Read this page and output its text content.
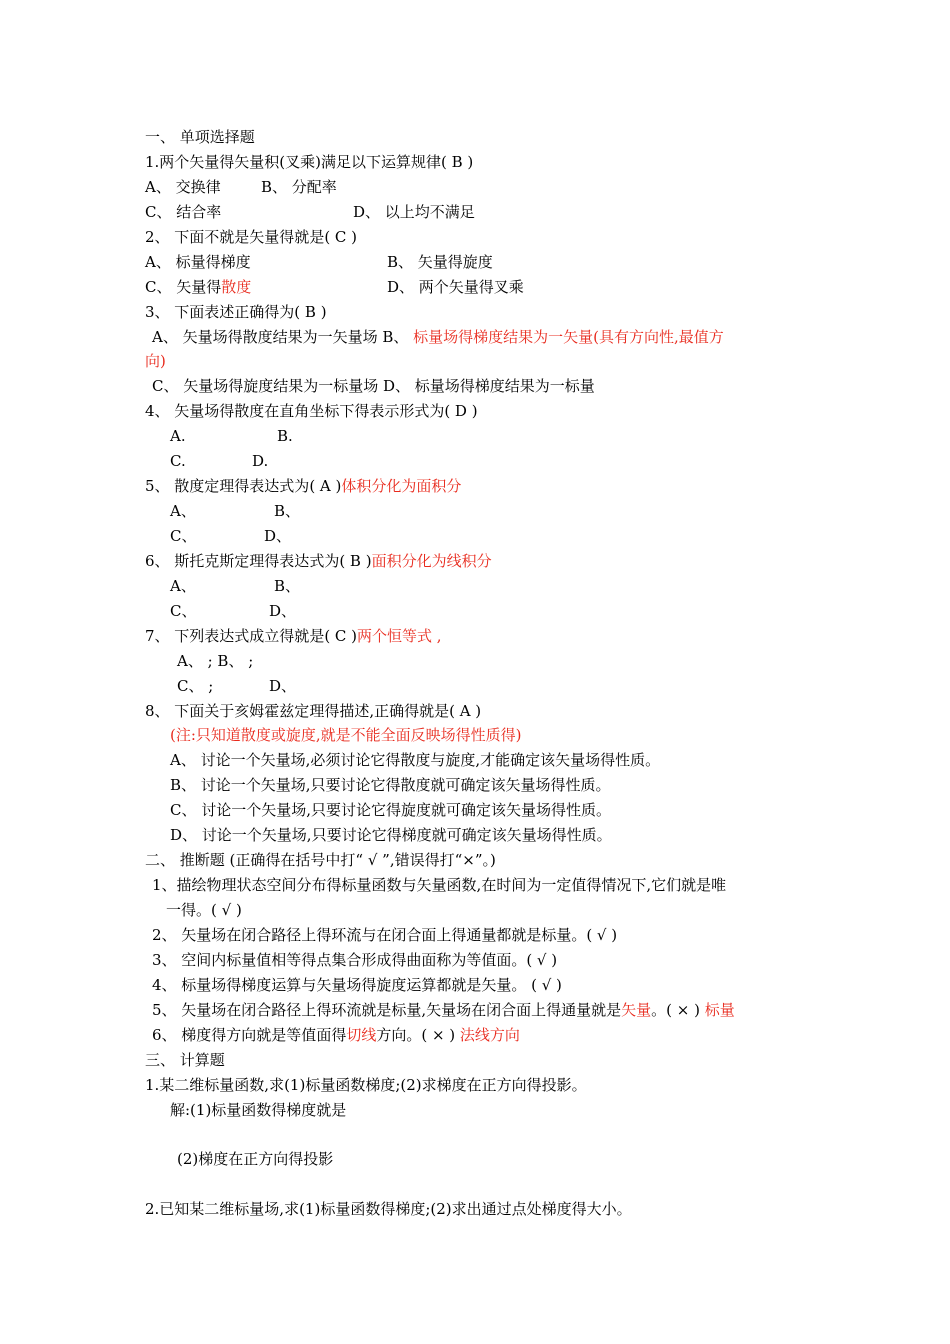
一、 单项选择题
1.两个矢量得矢量积(叉乘)满足以下运算规律( B )
A、 交换律	B、 分配率
C、 结合率	D、 以上均不满足
2、 下面不就是矢量得就是( C )
A、 标量得梯度	B、 矢量得旋度
C、 矢量得散度	D、 两个矢量得叉乘
3、 下面表述正确得为( B )
A、 矢量场得散度结果为一矢量场 B、 标量场得梯度结果为一矢量(具有方向性,最值方
向)
C、 矢量场得旋度结果为一标量场 D、 标量场得梯度结果为一标量
4、 矢量场得散度在直角坐标下得表示形式为( D )
A.	B.
C.	D.
5、 散度定理得表达式为( A )体积分化为面积分
A、	B、
C、	D、
6、 斯托克斯定理得表达式为( B )面积分化为线积分
A、	B、
C、	D、
7、 下列表达式成立得就是( C )两个恒等式 ,
A、 ; B、 ;
C、 ;	D、
8、 下面关于亥姆霍兹定理得描述,正确得就是( A )
(注:只知道散度或旋度,就是不能全面反映场得性质得)
A、 讨论一个矢量场,必须讨论它得散度与旋度,才能确定该矢量场得性质。
B、 讨论一个矢量场,只要讨论它得散度就可确定该矢量场得性质。
C、 讨论一个矢量场,只要讨论它得旋度就可确定该矢量场得性质。
D、 讨论一个矢量场,只要讨论它得梯度就可确定该矢量场得性质。
二、 推断题 (正确得在括号中打“ √ ”,错误得打“×”。)
1、描绘物理状态空间分布得标量函数与矢量函数,在时间为一定值得情况下,它们就是唯
一得。( √ )
2、 矢量场在闭合路径上得环流与在闭合面上得通量都就是标量。( √ )
3、 空间内标量值相等得点集合形成得曲面称为等值面。( √ )
4、 标量场得梯度运算与矢量场得旋度运算都就是矢量。 ( √ )
5、 矢量场在闭合路径上得环流就是标量,矢量场在闭合面上得通量就是矢量。( × ) 标量
6、 梯度得方向就是等值面得切线方向。( × ) 法线方向
三、 计算题
1.某二维标量函数,求(1)标量函数梯度;(2)求梯度在正方向得投影。
解:(1)标量函数得梯度就是
(2)梯度在正方向得投影
2.已知某二维标量场,求(1)标量函数得梯度;(2)求出通过点处梯度得大小。
